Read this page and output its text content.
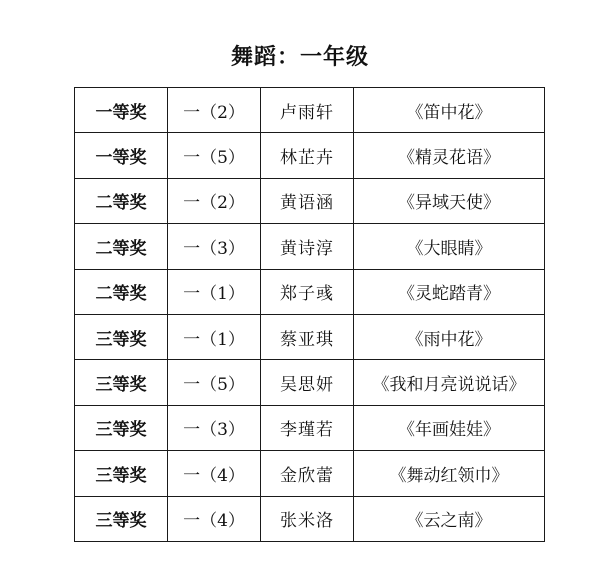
舞蹈：一年级
一等奖	一（2）	卢雨轩	《笛中花》
一等奖	一（5）	林芷卉	《精灵花语》
二等奖	一（2）	黄语涵	《异域天使》
二等奖	一（3）	黄诗淳	《大眼睛》
二等奖	一（1）	郑子彧	《灵蛇踏青》
三等奖	一（1）	蔡亚琪	《雨中花》
三等奖	一（5）	吴思妍	《我和月亮说说话》
三等奖	一（3）	李瑾若	《年画娃娃》
三等奖	一（4）	金欣蕾	《舞动红领巾》
三等奖	一（4）	张米洛	《云之南》
